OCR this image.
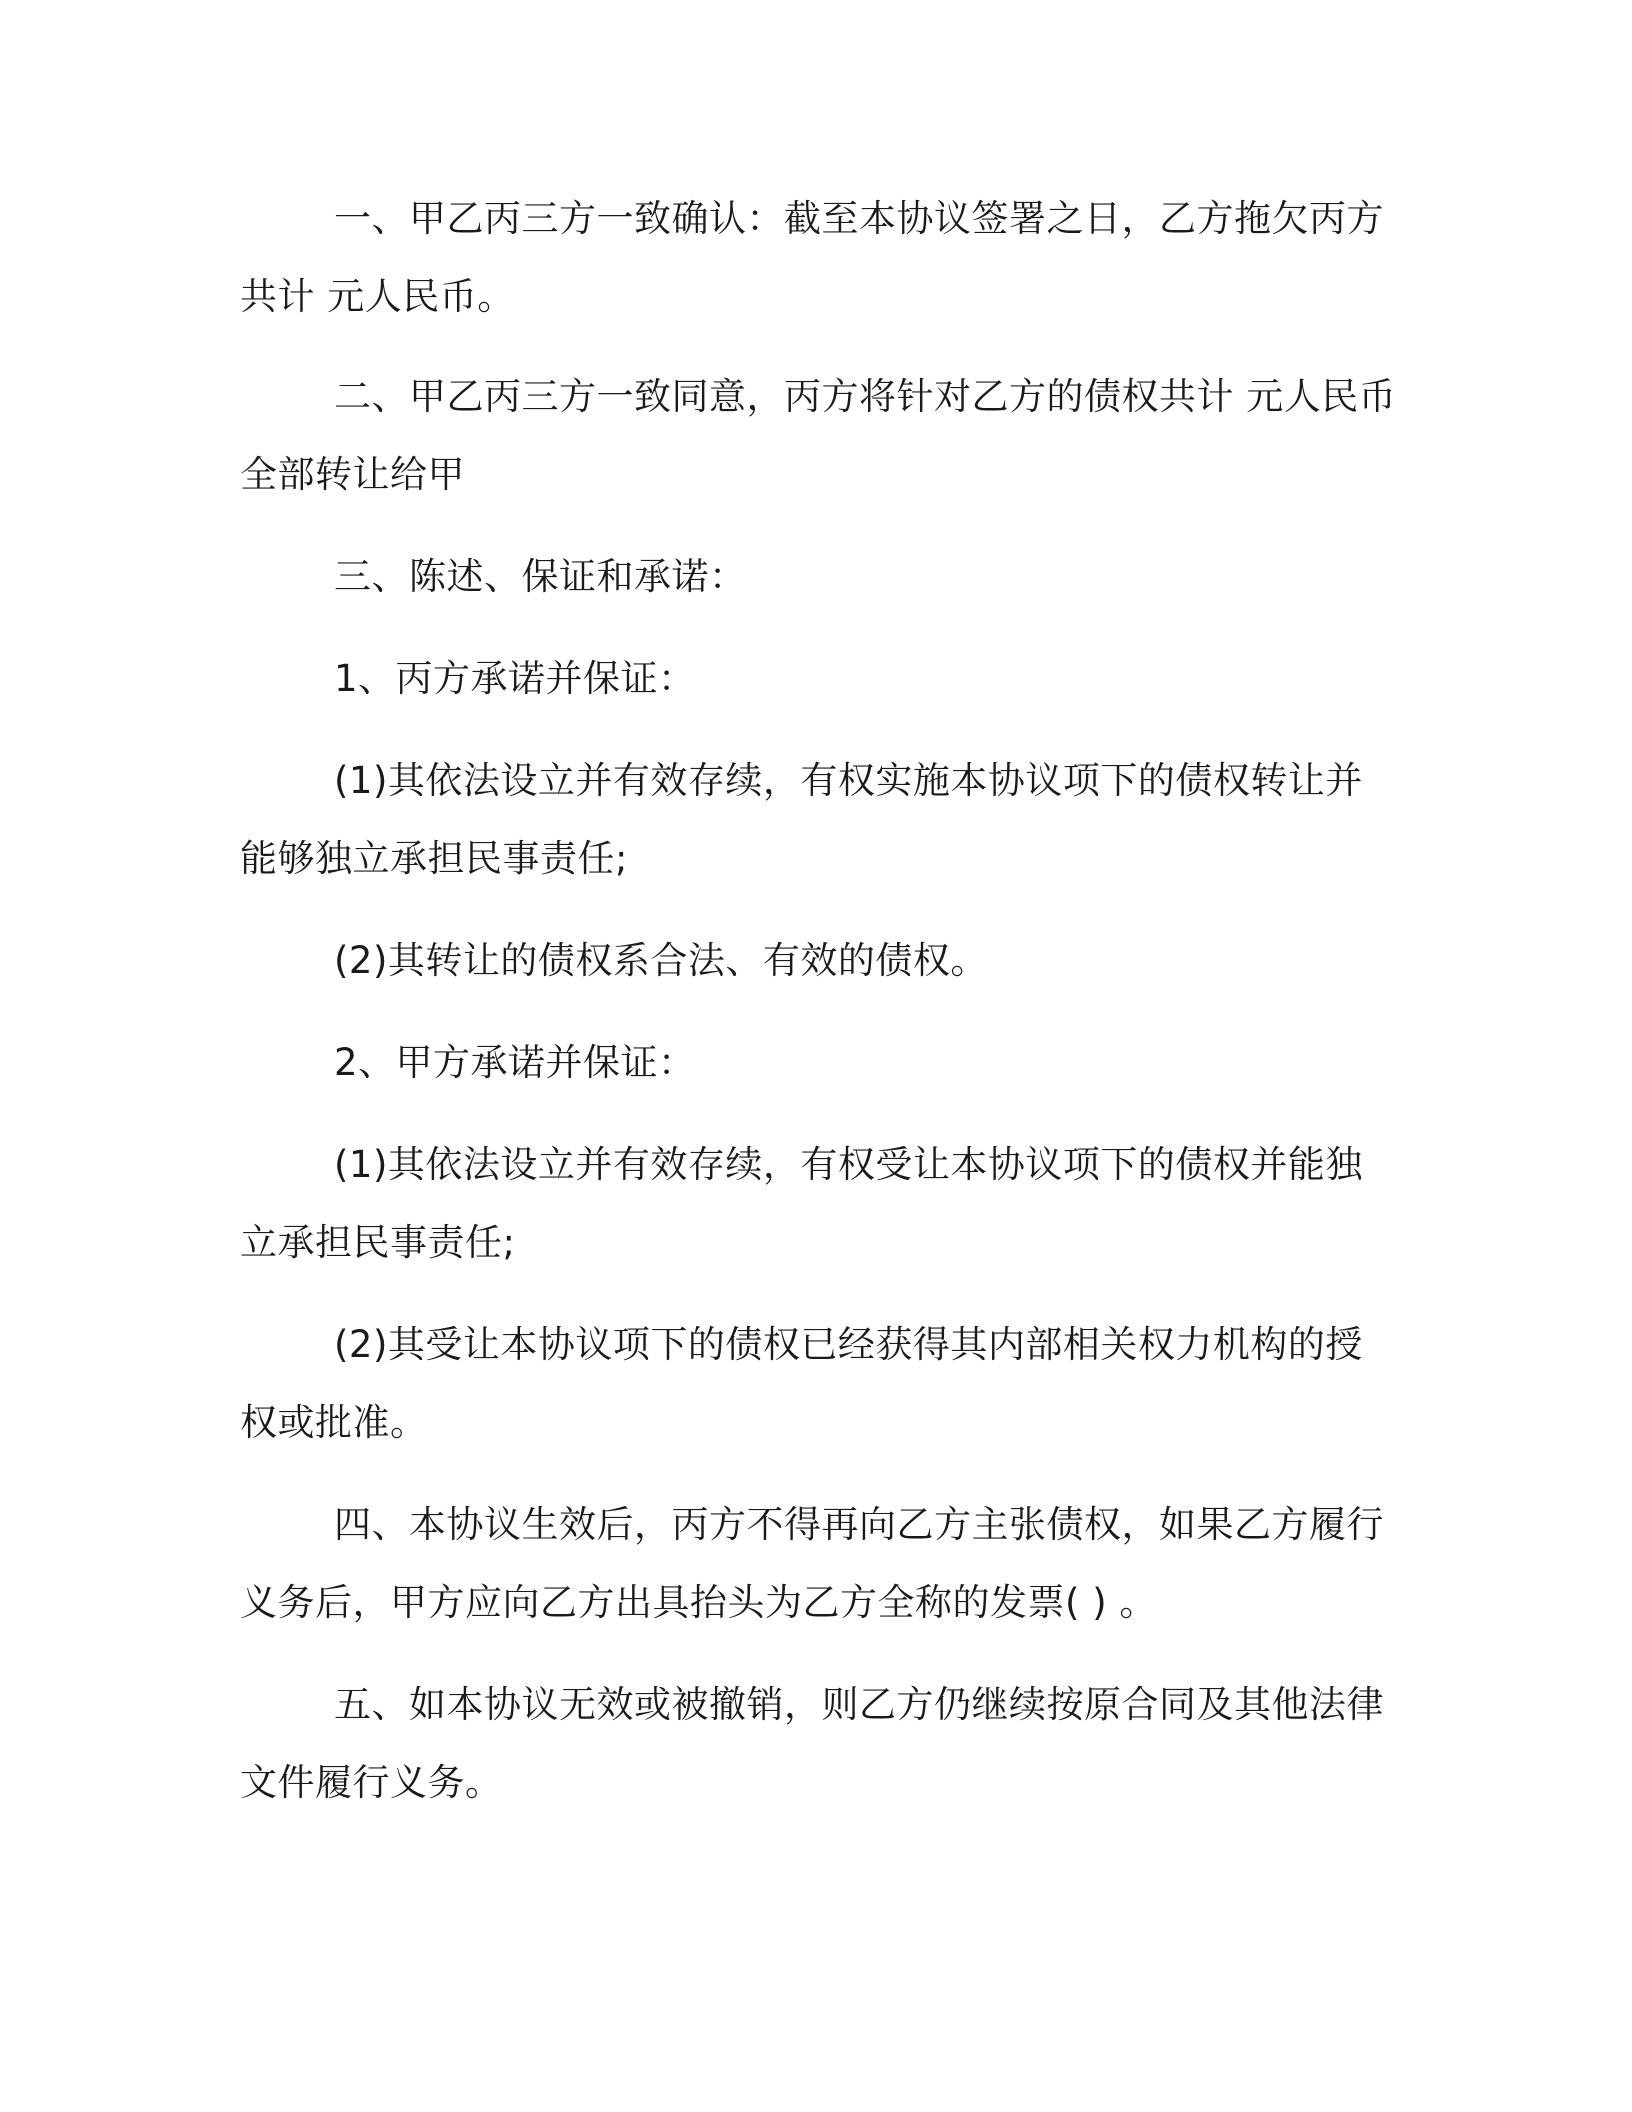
一、甲乙丙三方一致确认：截至本协议签署之日，乙方拖欠丙方共计 元人民币。

二、甲乙丙三方一致同意，丙方将针对乙方的债权共计 元人民币全部转让给甲

三、陈述、保证和承诺：

1、丙方承诺并保证：

(1)其依法设立并有效存续，有权实施本协议项下的债权转让并能够独立承担民事责任;

(2)其转让的债权系合法、有效的债权。

2、甲方承诺并保证：

(1)其依法设立并有效存续，有权受让本协议项下的债权并能独立承担民事责任;

(2)其受让本协议项下的债权已经获得其内部相关权力机构的授权或批准。

四、本协议生效后，丙方不得再向乙方主张债权，如果乙方履行义务后，甲方应向乙方出具抬头为乙方全称的发票( ) 。

五、如本协议无效或被撤销，则乙方仍继续按原合同及其他法律文件履行义务。
